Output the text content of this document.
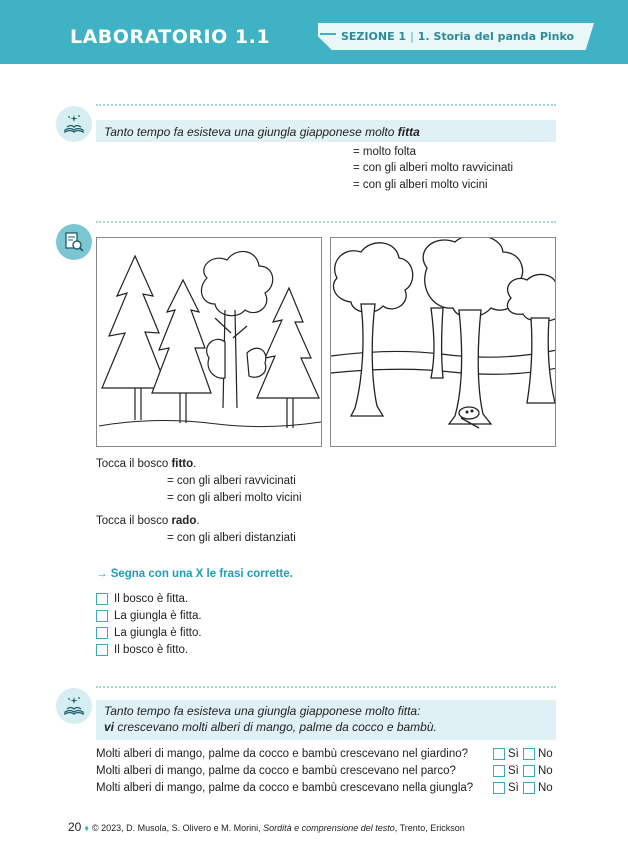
LABORATORIO 1.1	SEZIONE 1 | 1. Storia del panda Pinko
Tanto tempo fa esisteva una giungla giapponese molto fitta
= molto folta
= con gli alberi molto ravvicinati
= con gli alberi molto vicini
Tocca il bosco fitto.
= con gli alberi ravvicinati
= con gli alberi molto vicini
Tocca il bosco rado.
= con gli alberi distanziati
→ Segna con una X le frasi corrette.
Il bosco è fitta.
La giungla è fitta.
La giungla è fitto.
Il bosco è fitto.
Tanto tempo fa esisteva una giungla giapponese molto fitta:
vi crescevano molti alberi di mango, palme da cocco e bambù.
Molti alberi di mango, palme da cocco e bambù crescevano nel giardino?	Sì No
Molti alberi di mango, palme da cocco e bambù crescevano nel parco?	Sì No
Molti alberi di mango, palme da cocco e bambù crescevano nella giungla?	Sì No
20 ♦ © 2023, D. Musola, S. Olivero e M. Morini, Sordità e comprensione del testo, Trento, Erickson
